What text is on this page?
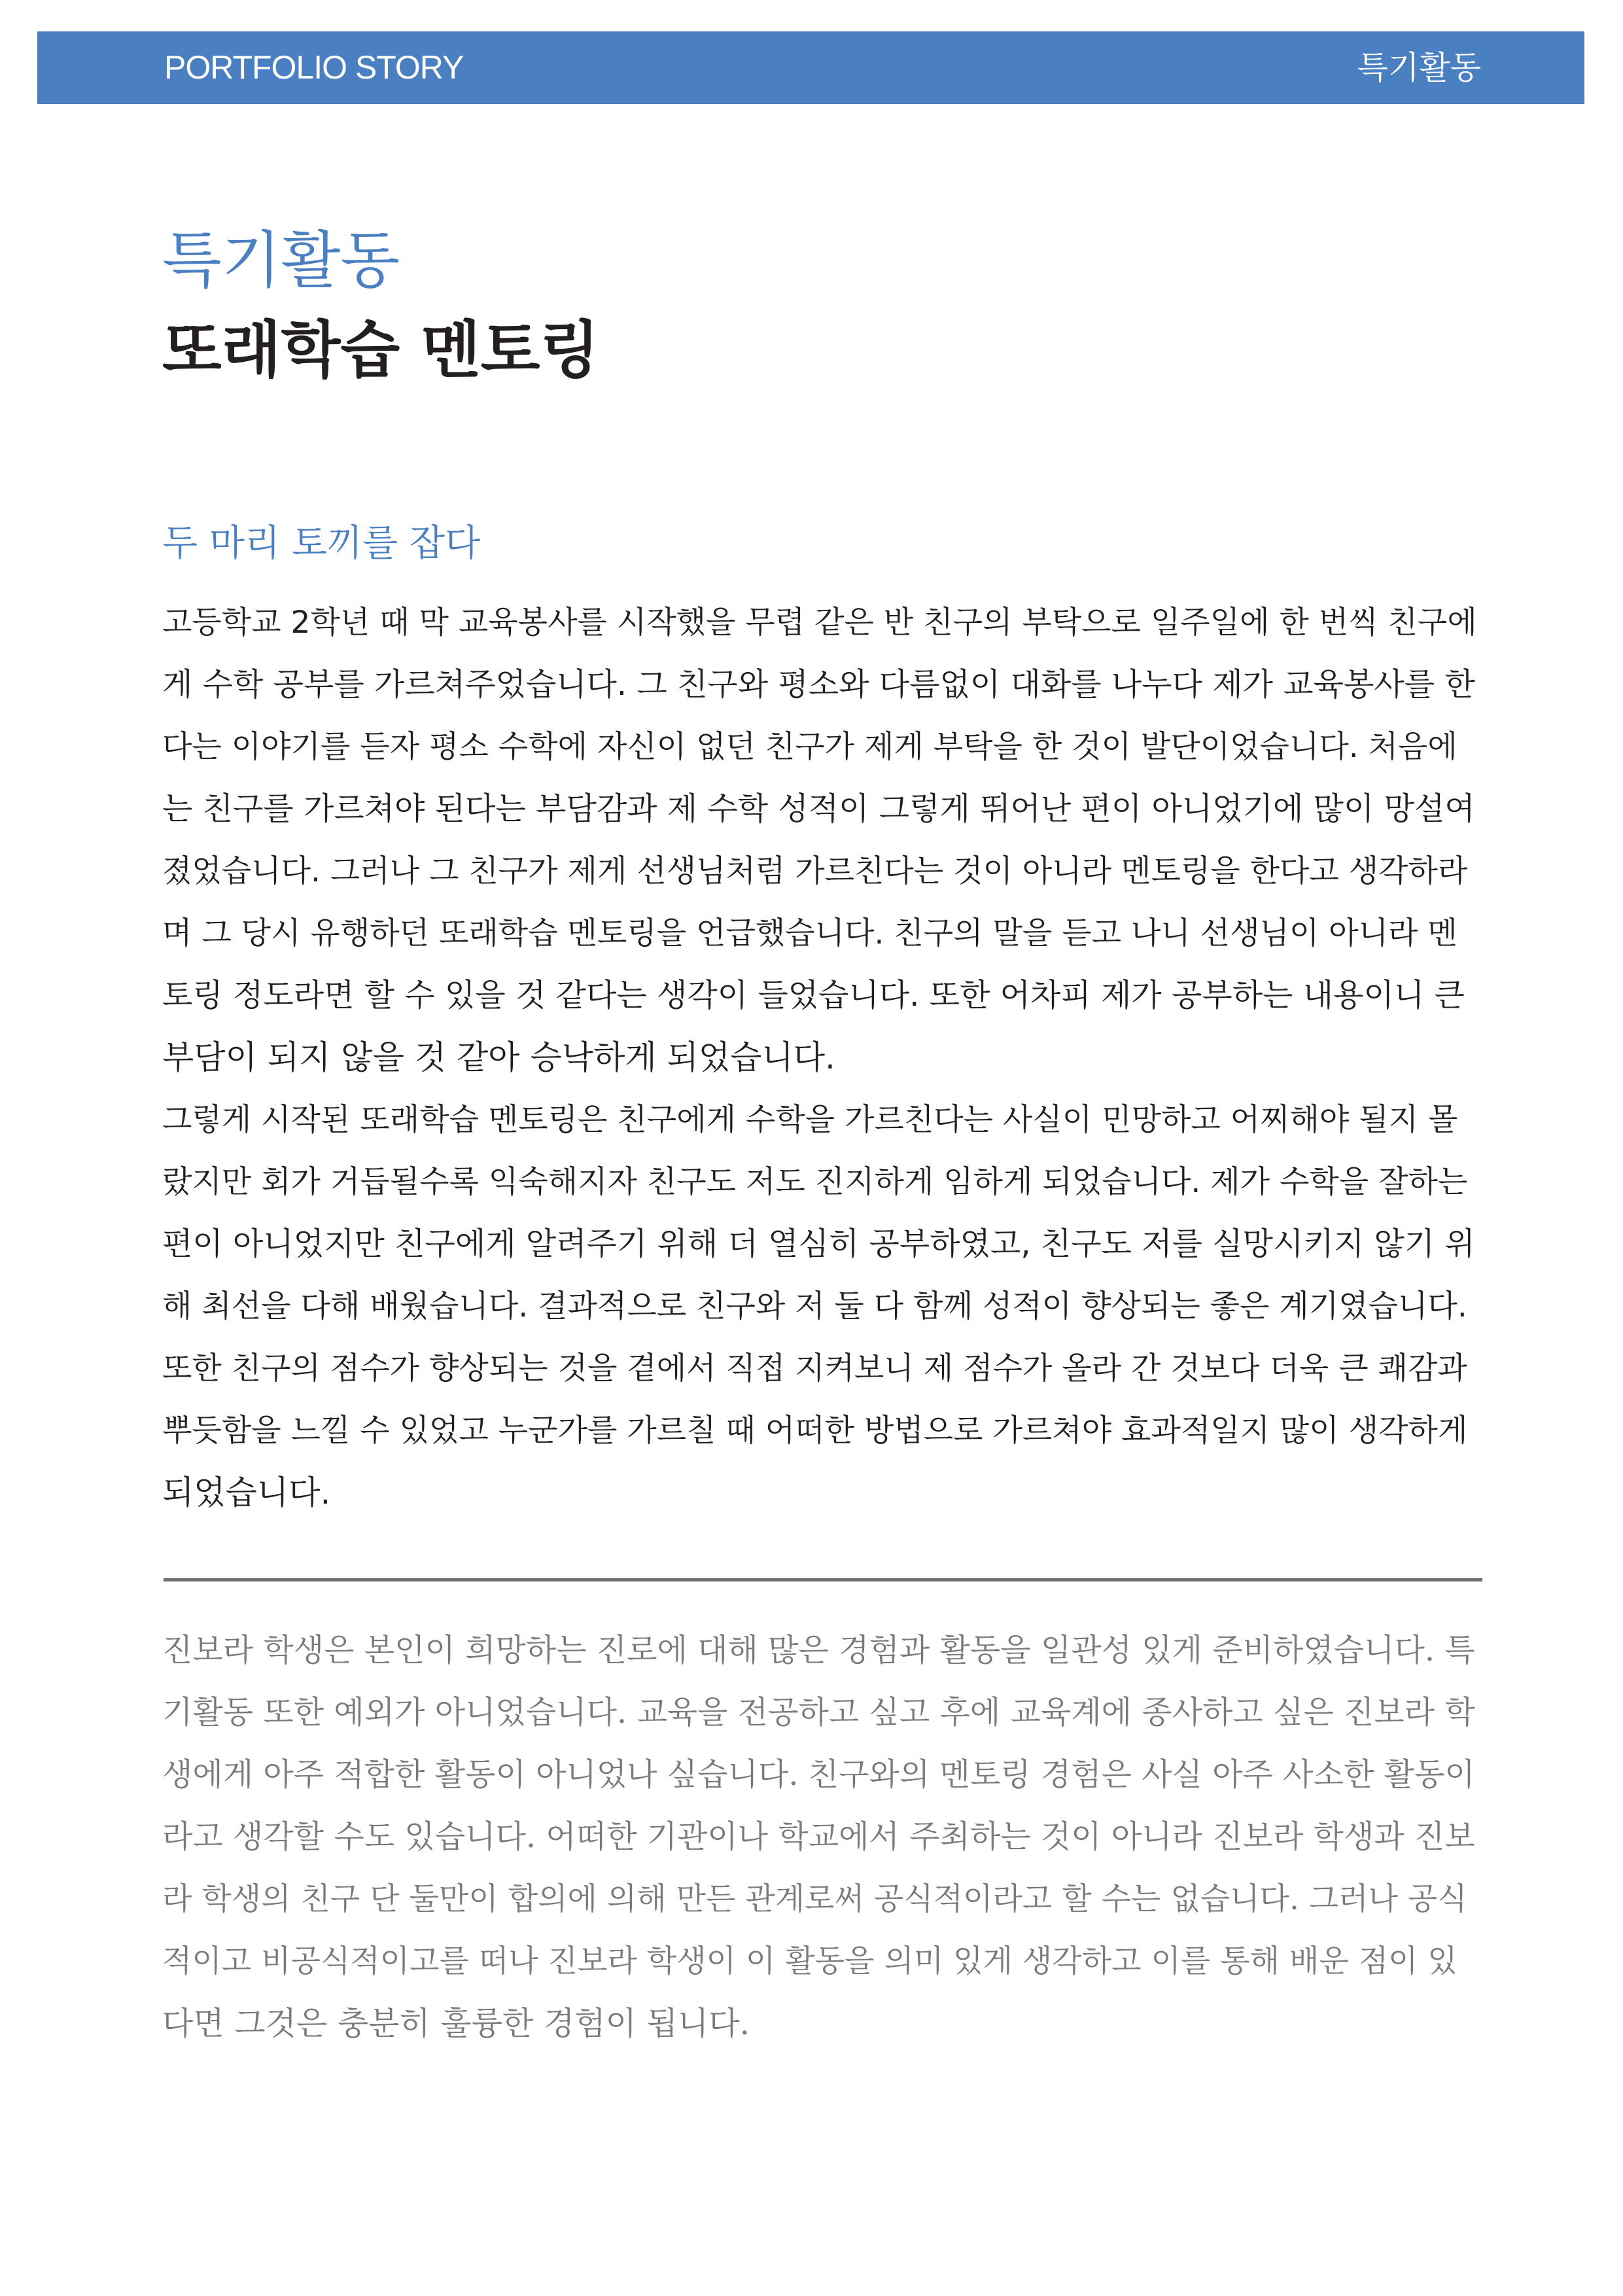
PORTFOLIO STORY	특기활동
특기활동
또래학습 멘토링
두 마리 토끼를 잡다
고등학교 2학년 때 막 교육봉사를 시작했을 무렵 같은 반 친구의 부탁으로 일주일에 한 번씩 친구에
게 수학 공부를 가르쳐주었습니다. 그 친구와 평소와 다름없이 대화를 나누다 제가 교육봉사를 한
다는 이야기를 듣자 평소 수학에 자신이 없던 친구가 제게 부탁을 한 것이 발단이었습니다. 처음에
는 친구를 가르쳐야 된다는 부담감과 제 수학 성적이 그렇게 뛰어난 편이 아니었기에 많이 망설여
졌었습니다. 그러나 그 친구가 제게 선생님처럼 가르친다는 것이 아니라 멘토링을 한다고 생각하라
며 그 당시 유행하던 또래학습 멘토링을 언급했습니다. 친구의 말을 듣고 나니 선생님이 아니라 멘
토링 정도라면 할 수 있을 것 같다는 생각이 들었습니다. 또한 어차피 제가 공부하는 내용이니 큰
부담이 되지 않을 것 같아 승낙하게 되었습니다.
그렇게 시작된 또래학습 멘토링은 친구에게 수학을 가르친다는 사실이 민망하고 어찌해야 될지 몰
랐지만 회가 거듭될수록 익숙해지자 친구도 저도 진지하게 임하게 되었습니다. 제가 수학을 잘하는
편이 아니었지만 친구에게 알려주기 위해 더 열심히 공부하였고, 친구도 저를 실망시키지 않기 위
해 최선을 다해 배웠습니다. 결과적으로 친구와 저 둘 다 함께 성적이 향상되는 좋은 계기였습니다.
또한 친구의 점수가 향상되는 것을 곁에서 직접 지켜보니 제 점수가 올라 간 것보다 더욱 큰 쾌감과
뿌듯함을 느낄 수 있었고 누군가를 가르칠 때 어떠한 방법으로 가르쳐야 효과적일지 많이 생각하게
되었습니다.
진보라 학생은 본인이 희망하는 진로에 대해 많은 경험과 활동을 일관성 있게 준비하였습니다. 특
기활동 또한 예외가 아니었습니다. 교육을 전공하고 싶고 후에 교육계에 종사하고 싶은 진보라 학
생에게 아주 적합한 활동이 아니었나 싶습니다. 친구와의 멘토링 경험은 사실 아주 사소한 활동이
라고 생각할 수도 있습니다. 어떠한 기관이나 학교에서 주최하는 것이 아니라 진보라 학생과 진보
라 학생의 친구 단 둘만이 합의에 의해 만든 관계로써 공식적이라고 할 수는 없습니다. 그러나 공식
적이고 비공식적이고를 떠나 진보라 학생이 이 활동을 의미 있게 생각하고 이를 통해 배운 점이 있
다면 그것은 충분히 훌륭한 경험이 됩니다.
